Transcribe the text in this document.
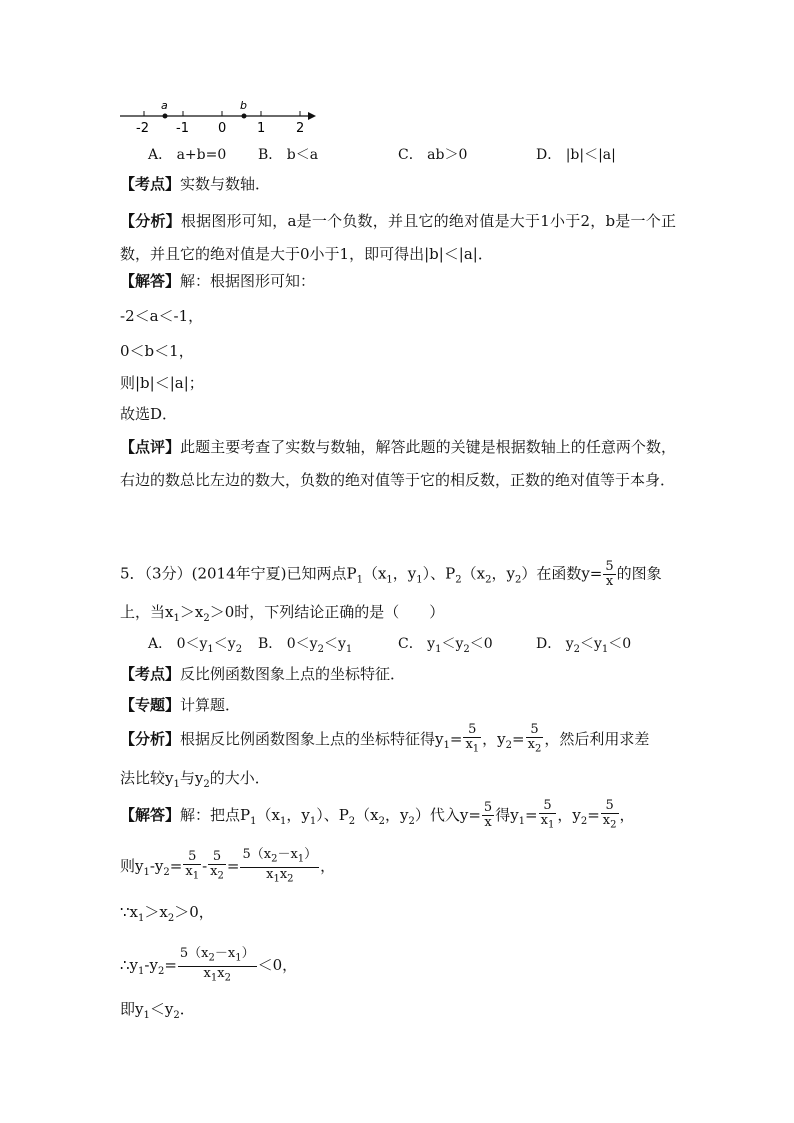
a	b
-2 -1 0 1 2
A． a+b=0 B． b＜a	C． ab＞0	D． |b|＜|a|
【考点】实数与数轴．
【分析】根据图形可知，a是一个负数，并且它的绝对值是大于1小于2，b是一个正数，并且它的绝对值是大于0小于1，即可得出|b|＜|a|．
【解答】解：根据图形可知：
-2＜a＜-1，
0＜b＜1，
则|b|＜|a|；
故选D．
【点评】此题主要考查了实数与数轴，解答此题的关键是根据数轴上的任意两个数，右边的数总比左边的数大，负数的绝对值等于它的相反数，正数的绝对值等于本身．
5．（3分）(2014年宁夏)已知两点$P_1(x_1$，$y_1$）、$P_2(x_2$，$y_2$）在函数$y= \frac{5}{x}$ 的图象
上，当$x_1>x_2>0$时，下列结论正确的是（　　）
A． $0<y_1<y_2$ B． $0<y_2<y_1$	C． $y_1<y_2<0$	D． $y_2<y_1<0$
【考点】反比例函数图象上点的坐标特征．
【专题】计算题．
【分析】根据反比例函数图象上点的坐标特征得$y_1= \frac{5}{x_1}$ ，$y_2= \frac{5}{x_2}$ ，然后利用求差
法比较$y_1$与$y_2$的大小．
【解答】解：把点$P_1(x_1$，$y_1$）、$P_2(x_2$，$y_2$）代入$y= \frac{5}{x}$ 得$y_1= \frac{5}{x_1}$ ，$y_2= \frac{5}{x_2}$ ，
则$y_1-y_2= \frac{5}{x_1} - \frac{5}{x_2} = \frac{5(x_2-x_1)}{x_1x_2}$ ，
$\because x_1>x_2>0$，
$\therefore y_1-y_2= \frac{5(x_2-x_1)}{x_1x_2} <0$，
即$y_1<y_2$．
